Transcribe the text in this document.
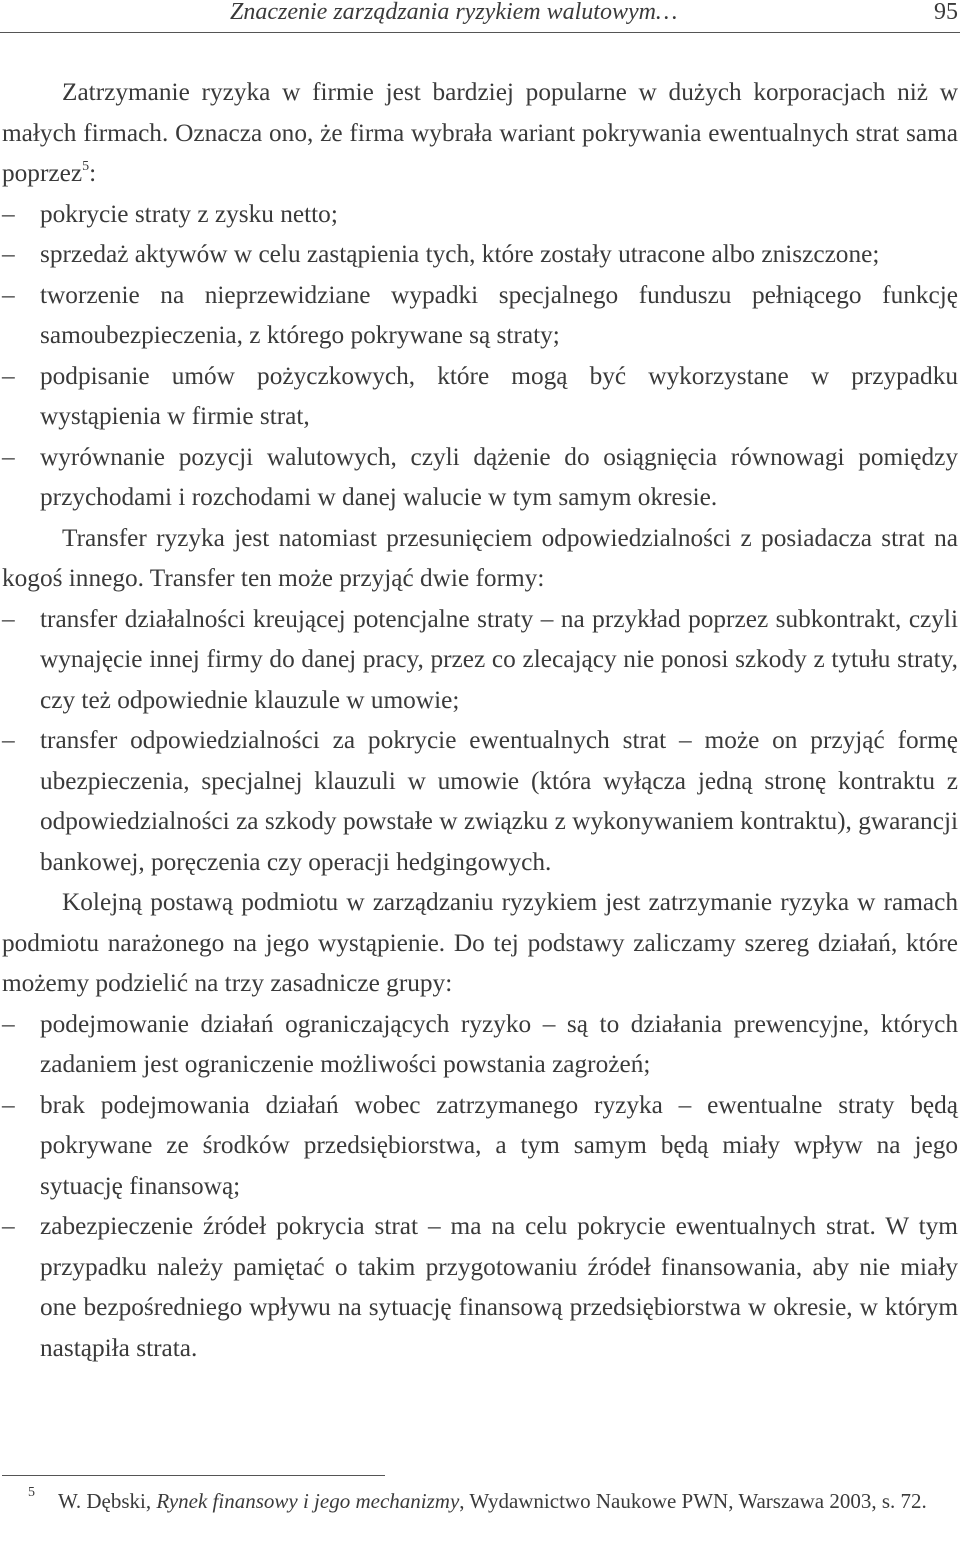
Znaczenie zarządzania ryzykiem walutowym…	95

Zatrzymanie ryzyka w firmie jest bardziej popularne w dużych korporacjach niż w małych firmach. Oznacza ono, że firma wybrała wariant pokrywania ewentualnych strat sama poprzez$^5$:

–	pokrycie straty z zysku netto;
–	sprzedaż aktywów w celu zastąpienia tych, które zostały utracone albo zniszczone;
–	tworzenie na nieprzewidziane wypadki specjalnego funduszu pełniącego funkcję samoubezpieczenia, z którego pokrywane są straty;
–	podpisanie umów pożyczkowych, które mogą być wykorzystane w przypadku wystąpienia w firmie strat,
–	wyrównanie pozycji walutowych, czyli dążenie do osiągnięcia równowagi pomiędzy przychodami i rozchodami w danej walucie w tym samym okresie.

Transfer ryzyka jest natomiast przesunięciem odpowiedzialności z posiadacza strat na kogoś innego. Transfer ten może przyjąć dwie formy:

–	transfer działalności kreującej potencjalne straty – na przykład poprzez subkontrakt, czyli wynajęcie innej firmy do danej pracy, przez co zlecający nie ponosi szkody z tytułu straty, czy też odpowiednie klauzule w umowie;
–	transfer odpowiedzialności za pokrycie ewentualnych strat – może on przyjąć formę ubezpieczenia, specjalnej klauzuli w umowie (która wyłącza jedną stronę kontraktu z odpowiedzialności za szkody powstałe w związku z wykonywaniem kontraktu), gwarancji bankowej, poręczenia czy operacji hedgingowych.

Kolejną postawą podmiotu w zarządzaniu ryzykiem jest zatrzymanie ryzyka w ramach podmiotu narażonego na jego wystąpienie. Do tej podstawy zaliczamy szereg działań, które możemy podzielić na trzy zasadnicze grupy:

–	podejmowanie działań ograniczających ryzyko – są to działania prewencyjne, których zadaniem jest ograniczenie możliwości powstania zagrożeń;
–	brak podejmowania działań wobec zatrzymanego ryzyka – ewentualne straty będą pokrywane ze środków przedsiębiorstwa, a tym samym będą miały wpływ na jego sytuację finansową;
–	zabezpieczenie źródeł pokrycia strat – ma na celu pokrycie ewentualnych strat. W tym przypadku należy pamiętać o takim przygotowaniu źródeł finansowania, aby nie miały one bezpośredniego wpływu na sytuację finansową przedsiębiorstwa w okresie, w którym nastąpiła strata.
$^5$ W. Dębski, Rynek finansowy i jego mechanizmy, Wydawnictwo Naukowe PWN, Warszawa 2003, s. 72.
